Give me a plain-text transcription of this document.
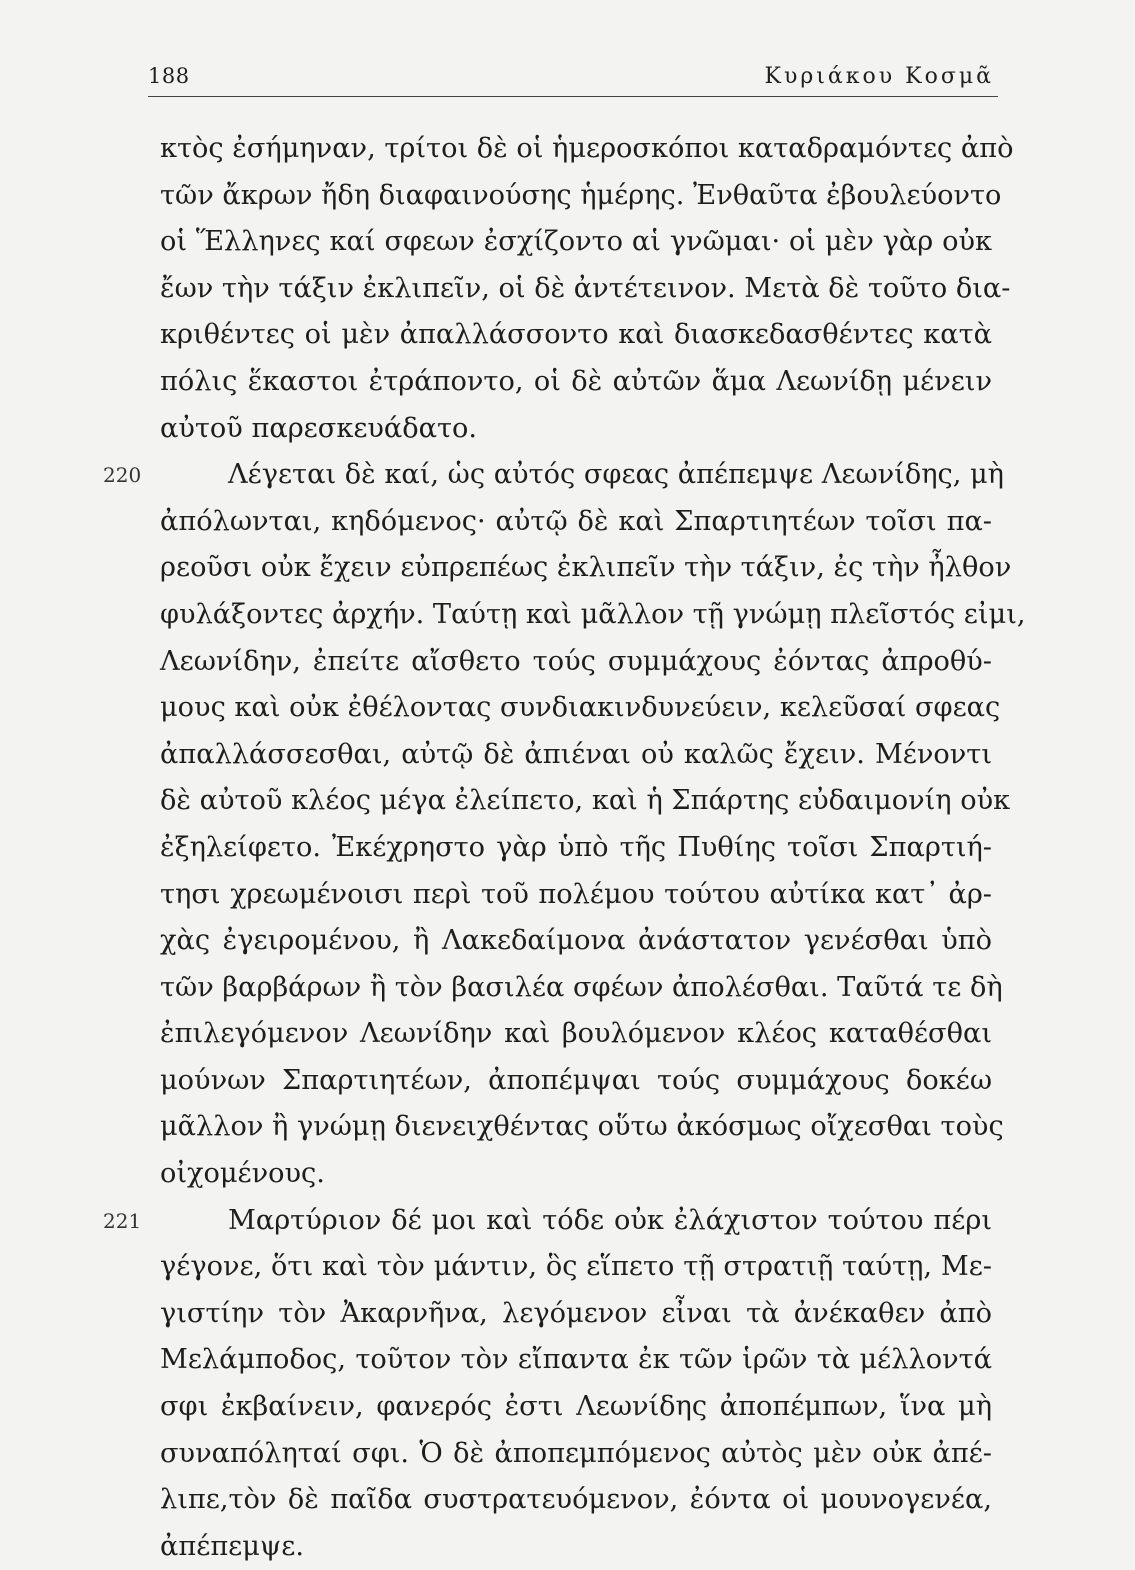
188	Κυριάκου Κοσμᾶ
κτὸς ἐσήμηναν, τρίτοι δὲ οἱ ἡμεροσκόποι καταδραμόντες ἀπὸ
τῶν ἄκρων ἤδη διαφαινούσης ἡμέρης. Ἐνθαῦτα ἐβουλεύοντο
οἱ Ἕλληνες καί σφεων ἐσχίζοντο αἱ γνῶμαι· οἱ μὲν γὰρ οὐκ
ἔων τὴν τάξιν ἐκλιπεῖν, οἱ δὲ ἀντέτεινον. Μετὰ δὲ τοῦτο δια-
κριθέντες οἱ μὲν ἀπαλλάσσοντο καὶ διασκεδασθέντες κατὰ
πόλις ἕκαστοι ἐτράποντο, οἱ δὲ αὐτῶν ἅμα Λεωνίδῃ μένειν
αὐτοῦ παρεσκευάδατο.
220	Λέγεται δὲ καί, ὡς αὐτός σφεας ἀπέπεμψε Λεωνίδης, μὴ
ἀπόλωνται, κηδόμενος· αὐτῷ δὲ καὶ Σπαρτιητέων τοῖσι πα-
ρεοῦσι οὐκ ἔχειν εὐπρεπέως ἐκλιπεῖν τὴν τάξιν, ἐς τὴν ἦλθον
φυλάξοντες ἀρχήν. Ταύτῃ καὶ μᾶλλον τῇ γνώμῃ πλεῖστός εἰμι,
Λεωνίδην, ἐπείτε αἴσθετο τούς συμμάχους ἐόντας ἀπροθύ-
μους καὶ οὐκ ἐθέλοντας συνδιακινδυνεύειν, κελεῦσαί σφεας
ἀπαλλάσσεσθαι, αὐτῷ δὲ ἀπιέναι οὐ καλῶς ἔχειν. Μένοντι
δὲ αὐτοῦ κλέος μέγα ἐλείπετο, καὶ ἡ Σπάρτης εὐδαιμονίη οὐκ
ἐξηλείφετο. Ἐκέχρηστο γὰρ ὑπὸ τῆς Πυθίης τοῖσι Σπαρτιή-
τησι χρεωμένοισι περὶ τοῦ πολέμου τούτου αὐτίκα κατ᾽ ἀρ-
χὰς ἐγειρομένου, ἢ Λακεδαίμονα ἀνάστατον γενέσθαι ὑπὸ
τῶν βαρβάρων ἢ τὸν βασιλέα σφέων ἀπολέσθαι. Ταῦτά τε δὴ
ἐπιλεγόμενον Λεωνίδην καὶ βουλόμενον κλέος καταθέσθαι
μούνων Σπαρτιητέων, ἀποπέμψαι τούς συμμάχους δοκέω
μᾶλλον ἢ γνώμῃ διενειχθέντας οὕτω ἀκόσμως οἴχεσθαι τοὺς
οἰχομένους.
221	Μαρτύριον δέ μοι καὶ τόδε οὐκ ἐλάχιστον τούτου πέρι
γέγονε, ὅτι καὶ τὸν μάντιν, ὃς εἵπετο τῇ στρατιῇ ταύτῃ, Με-
γιστίην τὸν Ἀκαρνῆνα, λεγόμενον εἶναι τὰ ἀνέκαθεν ἀπὸ
Μελάμποδος, τοῦτον τὸν εἴπαντα ἐκ τῶν ἱρῶν τὰ μέλλοντά
σφι ἐκβαίνειν, φανερός ἐστι Λεωνίδης ἀποπέμπων, ἵνα μὴ
συναπόληταί σφι. Ὁ δὲ ἀποπεμπόμενος αὐτὸς μὲν οὐκ ἀπέ-
λιπε,τὸν δὲ παῖδα συστρατευόμενον, ἐόντα οἱ μουνογενέα,
ἀπέπεμψε.
